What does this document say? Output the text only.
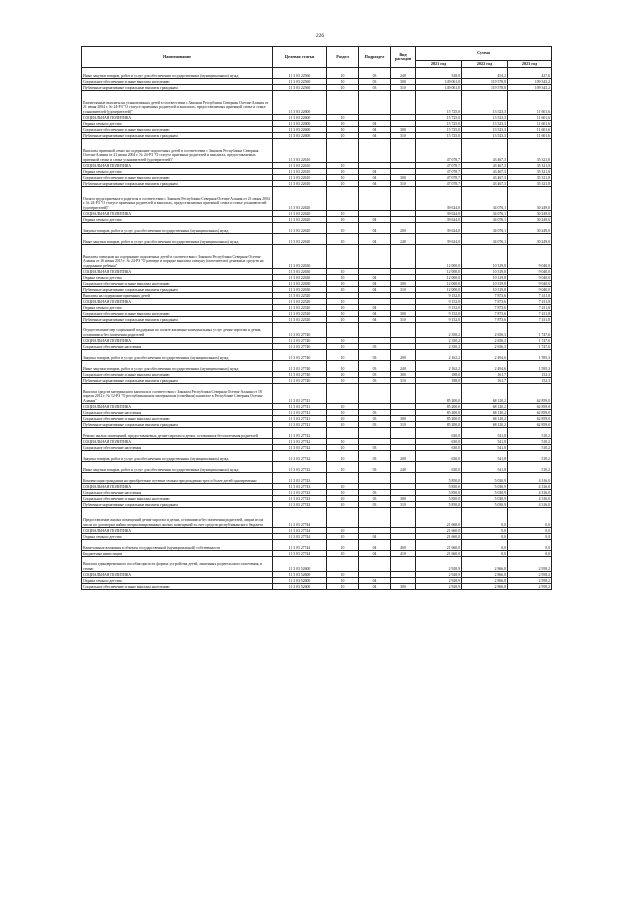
226
Наименование	Целевая статья	Раздел	Подраздел	Вид расходов	Сумма		
					2021 год	2022 год	2023 год
Иные закупки товаров, работ и услуг для обеспечения государственных (муниципальных) нужд	11 3 03 22560	10	03	240	528,0	454,2	427,6
Социальное обеспечение и иные выплаты населению	11 3 03 22560	10	03	300	149 061,0	119 578,8	109 343,2
Публичные нормативные социальные выплаты гражданам	11 3 03 22560	10	03	310	149 061,0	119 578,8	109 343,2
Ежемесячные выплаты на усыновленных детей в соответствии с Законом Республики Северная Осетия-Алания от 21 июня 2004 г. № 24-РЗ "О статусе приемных родителей и выплатах, предоставляемых приемной семье и семье усыновителей (удочерителей)"	11 3 03 22600				15 725,0	13 523,3	11 601,6
СОЦИАЛЬНАЯ ПОЛИТИКА	11 3 03 22600	10			15 725,0	13 523,3	11 601,6
Охрана семьи и детства	11 3 03 22600	10	04		15 725,0	13 523,3	11 601,6
Социальное обеспечение и иные выплаты населению	11 3 03 22600	10	04	300	15 725,0	13 523,3	11 601,6
Публичные нормативные социальные выплаты гражданам	11 3 03 22600	10	04	310	15 725,0	13 523,3	11 601,6
Выплаты приемной семье на содержание подопечных детей в соответствии с Законом Республики Северная Осетия-Алания от 21 июня 2004 г. № 24-РЗ "О статусе приемных родителей и выплатах, предоставляемых приемной семье и семье усыновителей (удочерителей)"	11 3 03 22610				47 078,7	43 467,3	35 321,8
СОЦИАЛЬНАЯ ПОЛИТИКА	11 3 03 22610	10			47 078,7	43 467,3	35 321,8
Охрана семьи и детства	11 3 03 22610	10	04		47 078,7	43 467,3	35 321,8
Социальное обеспечение и иные выплаты населению	11 3 03 22610	10	04	300	47 078,7	43 467,3	35 321,8
Публичные нормативные социальные выплаты гражданам	11 3 03 22610	10	04	310	47 078,7	43 467,3	35 321,8
Оплата труда приемного родителя в соответствии с Законом Республики Северная Осетия-Алания от 21 июня 2004 г. № 24-РЗ "О статусе приемных родителей и выплатах, предоставляемых приемной семье и семье усыновителей (удочерителей)"	11 3 03 22620				39 624,0	34 076,1	30 249,0
СОЦИАЛЬНАЯ ПОЛИТИКА	11 3 03 22620	10			39 624,0	34 076,1	30 249,0
Охрана семьи и детства	11 3 03 22620	10	04		39 624,0	34 076,1	30 249,0
Закупка товаров, работ и услуг для обеспечения государственных (муниципальных) нужд	11 3 03 22620	10	04	200	39 624,0	34 076,1	30 249,0
Иные закупки товаров, работ и услуг для обеспечения государственных (муниципальных) нужд	11 3 03 22620	10	04	240	39 624,0	34 076,1	30 249,0
Выплаты опекунам на содержание подопечных детей в соответствии с Законом Республики Северная Осетия-Алания от 26 июня 2015 г. № 24-РЗ "О размере и порядке выплаты опекуну (попечителю) денежных средств на содержание ребенка"	11 3 03 22630				12 000,0	10 319,8	9 040,0
СОЦИАЛЬНАЯ ПОЛИТИКА	11 3 03 22630	10			12 000,0	10 319,8	9 040,0
Охрана семьи и детства	11 3 03 22630	10	04		12 000,0	10 319,8	9 040,0
Социальное обеспечение и иные выплаты населению	11 3 03 22630	10	04	300	12 000,0	10 319,8	9 040,0
Публичные нормативные социальные выплаты гражданам	11 3 03 22630	10	04	310	12 000,0	10 319,8	9 040,0
Выплаты на содержание приемных детей	11 3 03 22520				9 152,0	7 873,6	7 411,8
СОЦИАЛЬНАЯ ПОЛИТИКА	11 3 03 22520	10			9 152,0	7 873,6	7 411,8
Охрана семьи и детства	11 3 03 22520	10	04		9 152,0	7 873,6	7 411,8
Социальное обеспечение и иные выплаты населению	11 3 03 22520	10	04	300	9 152,0	7 873,6	7 411,8
Публичные нормативные социальные выплаты гражданам	11 3 03 22520	10	04	310	9 152,0	7 873,6	7 411,8
Осуществление мер социальной поддержки по оплате жилищно-коммунальных услуг детям-сиротам и детям, оставшимся без попечения родителей	11 3 03 27740				2 350,2	2 656,3	1 747,6
СОЦИАЛЬНАЯ ПОЛИТИКА	11 3 03 27740	10			2 350,2	2 656,3	1 747,6
Социальное обеспечение населения	11 3 03 27740	10	03		2 350,2	2 656,3	1 747,6
Закупка товаров, работ и услуг для обеспечения государственных (муниципальных) нужд	11 3 03 27740	10	03	200	2 162,2	2 494,6	1 595,3
Иные закупки товаров, работ и услуг для обеспечения государственных (муниципальных) нужд	11 3 03 27740	10	03	240	2 162,2	2 494,6	1 595,3
Социальное обеспечение и иные выплаты населению	11 3 03 27740	10	03	300	188,0	161,7	152,3
Публичные нормативные социальные выплаты гражданам	11 3 03 27740	10	03	310	188,0	161,7	152,3
Выплата средств материнского капитала в соответствии с Законом Республики Северная Осетия-Алания от 18 апреля 2012 г. № 12-РЗ "О республиканском материнском (семейном) капитале в Республике Северная Осетия-Алания"	11 3 03 27741				85 200,0	68 120,2	62 859,0
СОЦИАЛЬНАЯ ПОЛИТИКА	11 3 03 27741	10			85 200,0	68 120,2	62 859,0
Социальное обеспечение населения	11 3 03 27741	10	03		85 200,0	68 120,2	62 859,0
Социальное обеспечение и иные выплаты населению	11 3 03 27741	10	03	300	85 200,0	68 120,2	62 859,0
Публичные нормативные социальные выплаты гражданам	11 3 03 27741	10	03	310	85 200,0	68 120,2	62 859,0
Ремонт жилых помещений, предоставляемых детям-сиротам и детям, оставшимся без попечения родителей	11 3 03 27742				630,0	541,8	510,2
СОЦИАЛЬНАЯ ПОЛИТИКА	11 3 03 27742	10			630,0	541,8	510,2
Социальное обеспечение населения	11 3 03 27742	10	03		630,0	541,8	510,2
Закупка товаров, работ и услуг для обеспечения государственных (муниципальных) нужд	11 3 03 27742	10	03	200	630,0	541,8	510,2
Иные закупки товаров, работ и услуг для обеспечения государственных (муниципальных) нужд	11 3 03 27742	10	03	240	630,0	541,8	510,2
Компенсация гражданам на приобретение путевки семьям при рождении трех и более детей одновременно	11 3 03 27743				5 850,0	5 030,9	4 316,0
СОЦИАЛЬНАЯ ПОЛИТИКА	11 3 03 27743	10			5 850,0	5 030,9	4 316,0
Социальное обеспечение населения	11 3 03 27743	10	03		5 850,0	5 030,9	4 316,0
Социальное обеспечение и иные выплаты населению	11 3 03 27743	10	03	300	5 850,0	5 030,9	4 316,0
Публичные нормативные социальные выплаты гражданам	11 3 03 27743	10	03	310	5 850,0	5 030,9	4 316,0
Предоставление жилых помещений детям-сиротам и детям, оставшимся без попечения родителей, лицам из их числа по договорам найма специализированных жилых помещений за счет средств республиканского бюджета	11 3 03 27744				21 660,0	0,0	0,0
СОЦИАЛЬНАЯ ПОЛИТИКА	11 3 03 27744	10			21 660,0	0,0	0,0
Охрана семьи и детства	11 3 03 27744	10	04		21 660,0	0,0	0,0
Капитальные вложения в объекты государственной (муниципальной) собственности	11 3 03 27744	10	04	400	21 660,0	0,0	0,0
Бюджетные инвестиции	11 3 03 27744	10	04	410	21 660,0	0,0	0,0
Выплата единовременного пособия при всех формах устройства детей, лишенных родительского попечения, в семью	11 3 03 52600				2 928,9	2 866,8	2 958,2
СОЦИАЛЬНАЯ ПОЛИТИКА	11 3 03 52600	10			2 928,9	2 866,8	2 958,2
Охрана семьи и детства	11 3 03 52600	10	04		2 928,9	2 866,8	2 958,2
Социальное обеспечение и иные выплаты населению	11 3 03 52600	10	04	300	2 928,9	2 866,8	2 958,2
